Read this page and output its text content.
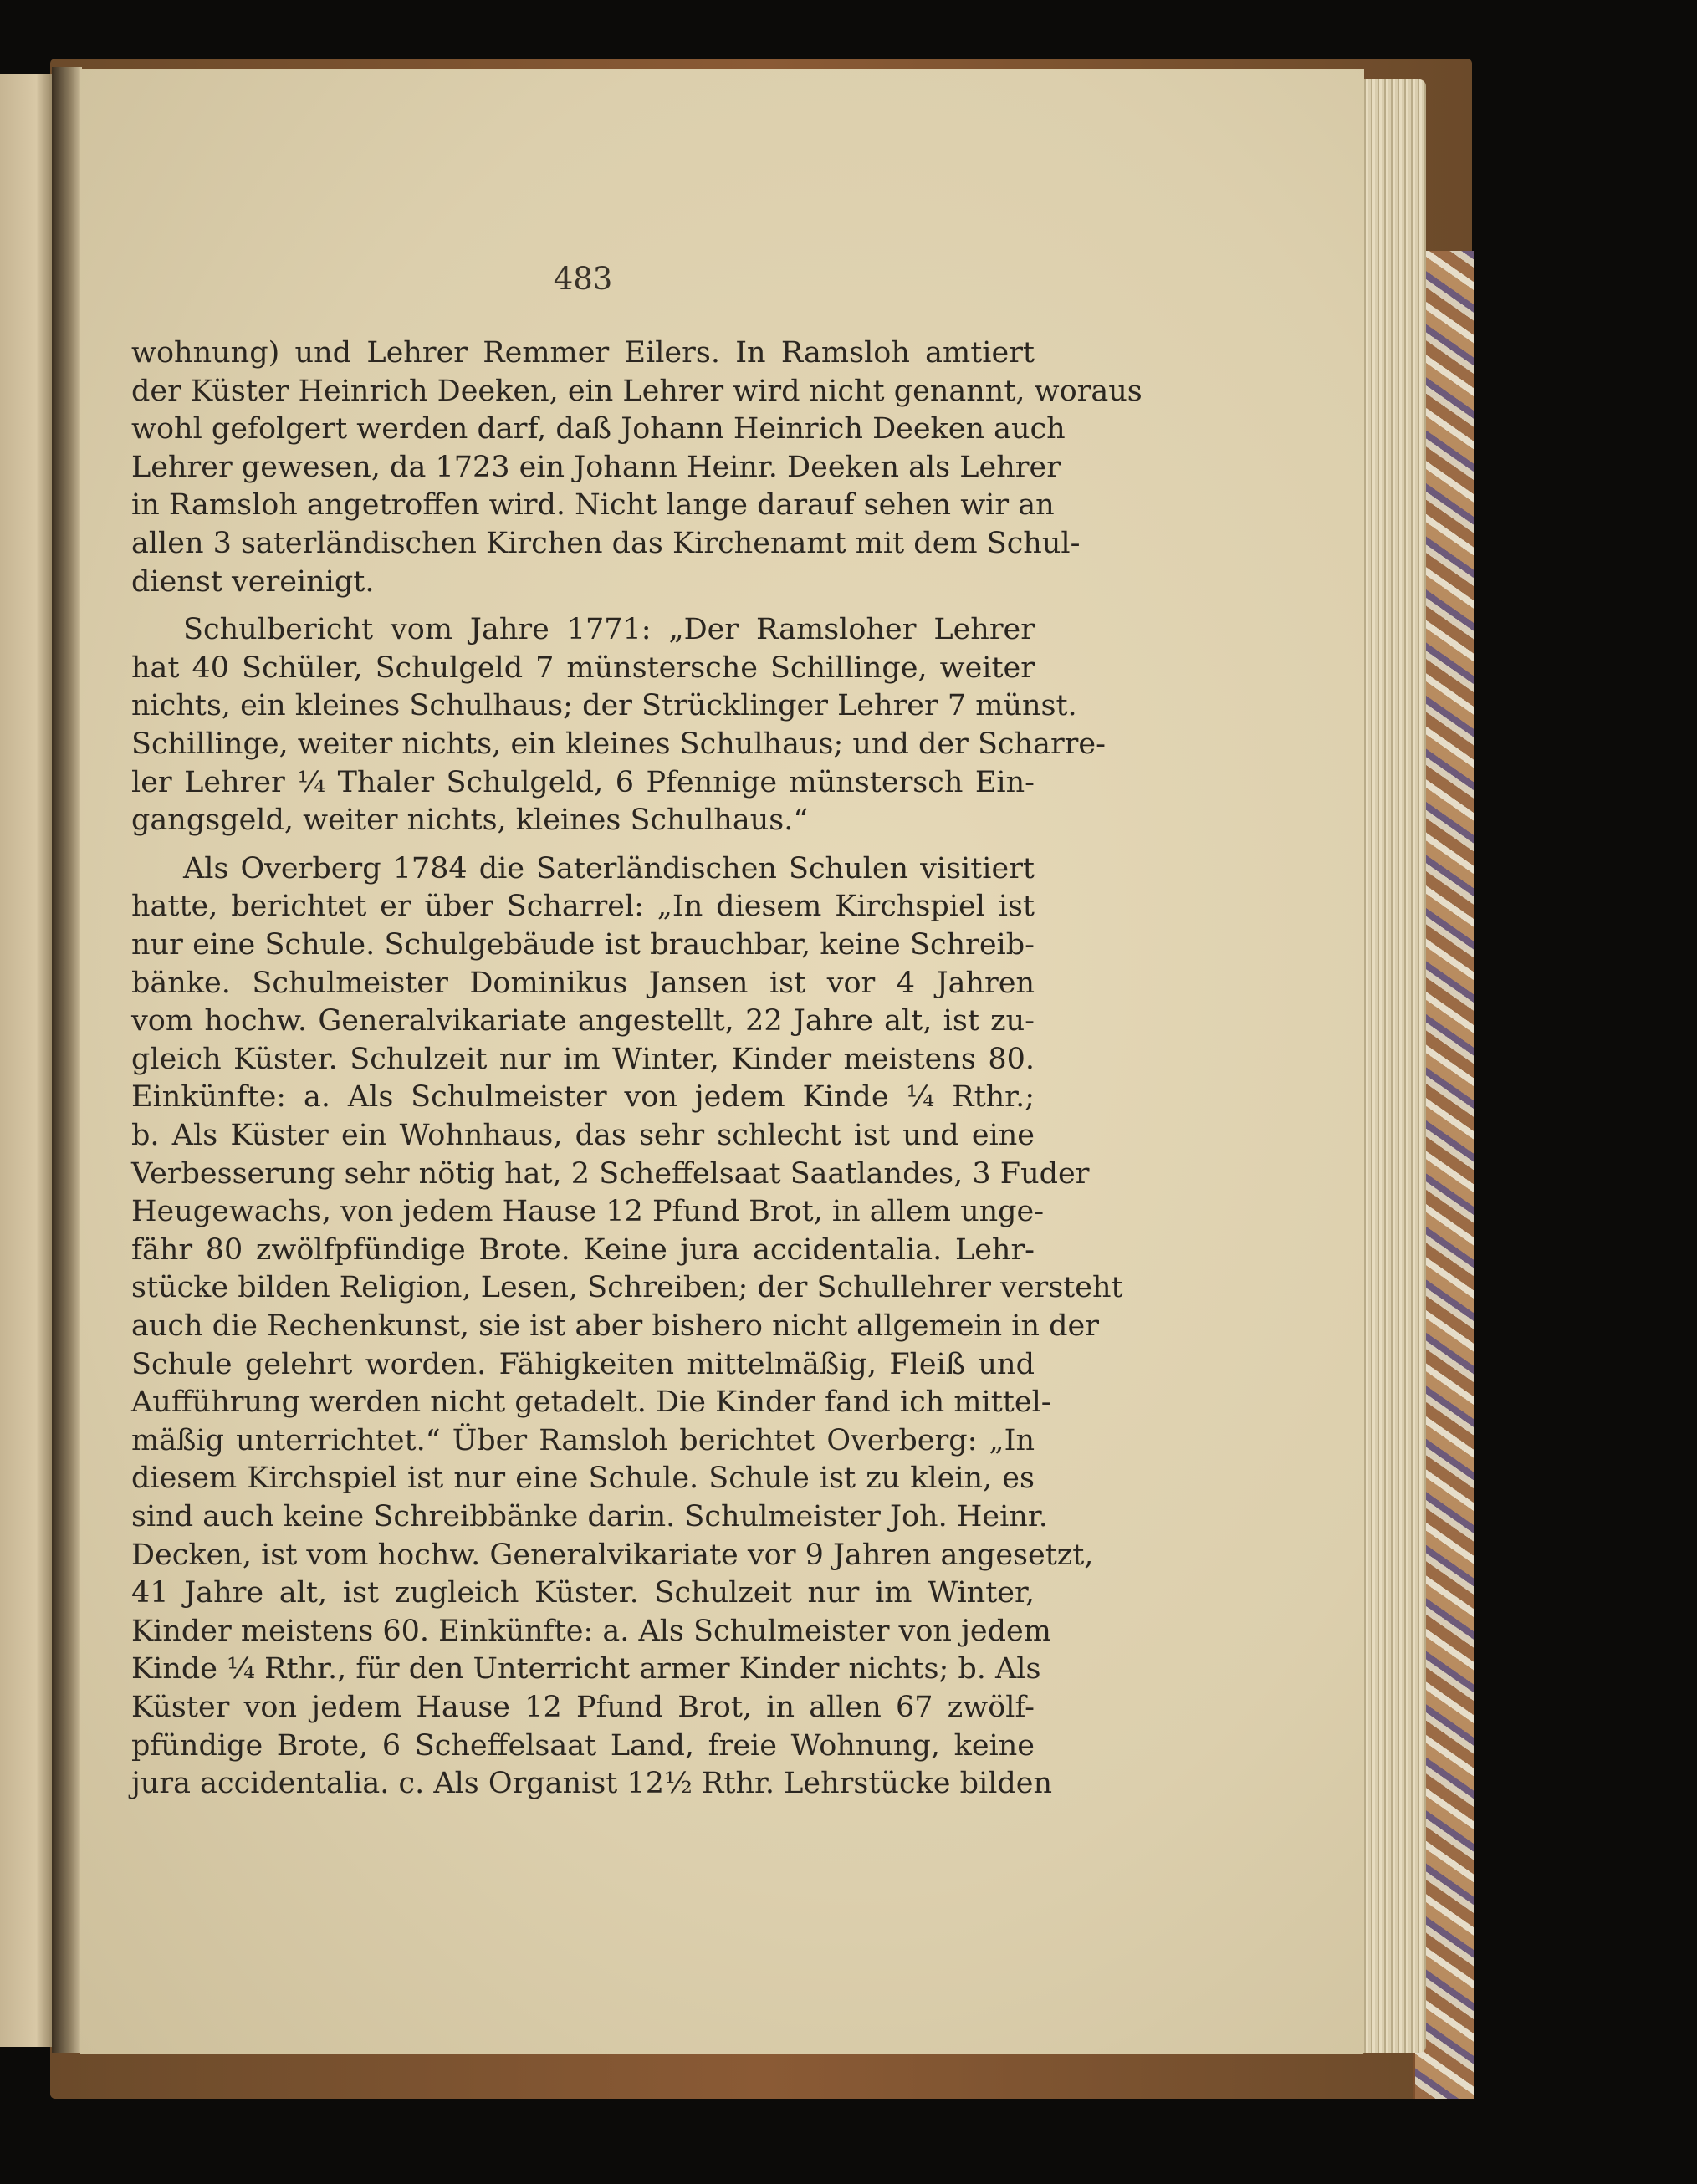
483
wohnung) und Lehrer Remmer Eilers. In Ramsloh amtiert
der Küster Heinrich Deeken, ein Lehrer wird nicht genannt, woraus
wohl gefolgert werden darf, daß Johann Heinrich Deeken auch
Lehrer gewesen, da 1723 ein Johann Heinr. Deeken als Lehrer
in Ramsloh angetroffen wird. Nicht lange darauf sehen wir an
allen 3 saterländischen Kirchen das Kirchenamt mit dem Schul-
dienst vereinigt.
Schulbericht vom Jahre 1771: „Der Ramsloher Lehrer
hat 40 Schüler, Schulgeld 7 münstersche Schillinge, weiter
nichts, ein kleines Schulhaus; der Strücklinger Lehrer 7 münst.
Schillinge, weiter nichts, ein kleines Schulhaus; und der Scharre-
ler Lehrer ¼ Thaler Schulgeld, 6 Pfennige münstersch Ein-
gangsgeld, weiter nichts, kleines Schulhaus.“
Als Overberg 1784 die Saterländischen Schulen visitiert
hatte, berichtet er über Scharrel: „In diesem Kirchspiel ist
nur eine Schule. Schulgebäude ist brauchbar, keine Schreib-
bänke. Schulmeister Dominikus Jansen ist vor 4 Jahren
vom hochw. Generalvikariate angestellt, 22 Jahre alt, ist zu-
gleich Küster. Schulzeit nur im Winter, Kinder meistens 80.
Einkünfte: a. Als Schulmeister von jedem Kinde ¼ Rthr.;
b. Als Küster ein Wohnhaus, das sehr schlecht ist und eine
Verbesserung sehr nötig hat, 2 Scheffelsaat Saatlandes, 3 Fuder
Heugewachs, von jedem Hause 12 Pfund Brot, in allem unge-
fähr 80 zwölfpfündige Brote. Keine jura accidentalia. Lehr-
stücke bilden Religion, Lesen, Schreiben; der Schullehrer versteht
auch die Rechenkunst, sie ist aber bishero nicht allgemein in der
Schule gelehrt worden. Fähigkeiten mittelmäßig, Fleiß und
Aufführung werden nicht getadelt. Die Kinder fand ich mittel-
mäßig unterrichtet.“ Über Ramsloh berichtet Overberg: „In
diesem Kirchspiel ist nur eine Schule. Schule ist zu klein, es
sind auch keine Schreibbänke darin. Schulmeister Joh. Heinr.
Decken, ist vom hochw. Generalvikariate vor 9 Jahren angesetzt,
41 Jahre alt, ist zugleich Küster. Schulzeit nur im Winter,
Kinder meistens 60. Einkünfte: a. Als Schulmeister von jedem
Kinde ¼ Rthr., für den Unterricht armer Kinder nichts; b. Als
Küster von jedem Hause 12 Pfund Brot, in allen 67 zwölf-
pfündige Brote, 6 Scheffelsaat Land, freie Wohnung, keine
jura accidentalia. c. Als Organist 12½ Rthr. Lehrstücke bilden
